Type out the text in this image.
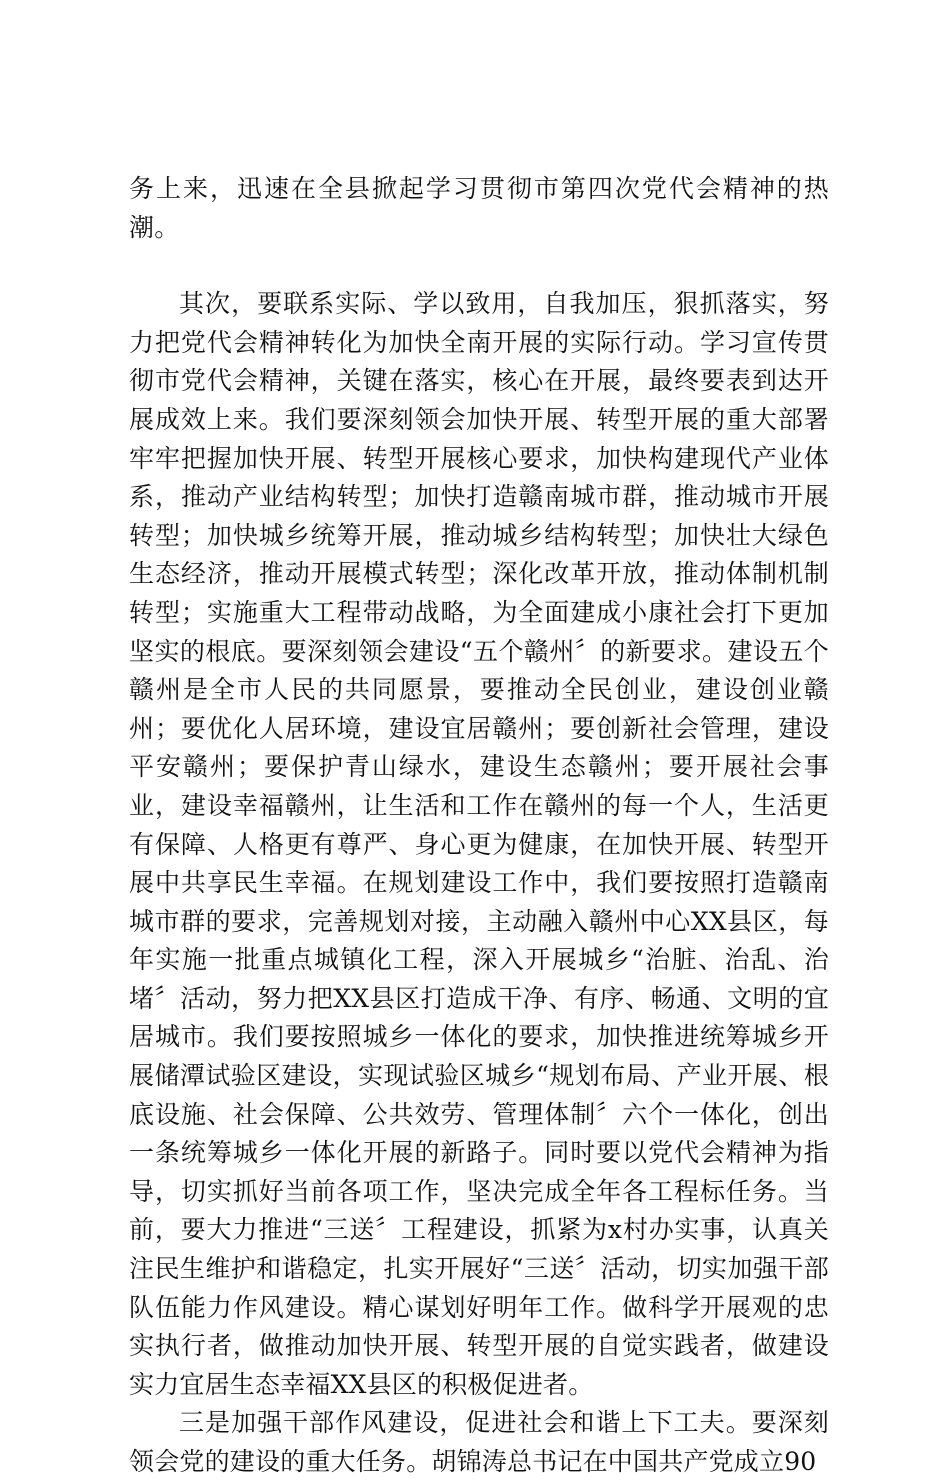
务上来，迅速在全县掀起学习贯彻市第四次党代会精神的热潮。

其次，要联系实际、学以致用，自我加压，狠抓落实，努力把党代会精神转化为加快全南开展的实际行动。学习宣传贯彻市党代会精神，关键在落实，核心在开展，最终要表到达开展成效上来。我们要深刻领会加快开展、转型开展的重大部署牢牢把握加快开展、转型开展核心要求，加快构建现代产业体系，推动产业结构转型；加快打造赣南城市群，推动城市开展转型；加快城乡统筹开展，推动城乡结构转型；加快壮大绿色生态经济，推动开展模式转型；深化改革开放，推动体制机制转型；实施重大工程带动战略，为全面建成小康社会打下更加坚实的根底。要深刻领会建设“五个赣州〞的新要求。建设五个赣州是全市人民的共同愿景，要推动全民创业，建设创业赣州；要优化人居环境，建设宜居赣州；要创新社会管理，建设平安赣州；要保护青山绿水，建设生态赣州；要开展社会事业，建设幸福赣州，让生活和工作在赣州的每一个人，生活更有保障、人格更有尊严、身心更为健康，在加快开展、转型开展中共享民生幸福。在规划建设工作中，我们要按照打造赣南城市群的要求，完善规划对接，主动融入赣州中心XX县区，每年实施一批重点城镇化工程，深入开展城乡“治脏、治乱、治堵〞活动，努力把XX县区打造成干净、有序、畅通、文明的宜居城市。我们要按照城乡一体化的要求，加快推进统筹城乡开展储潭试验区建设，实现试验区城乡“规划布局、产业开展、根底设施、社会保障、公共效劳、管理体制〞六个一体化，创出一条统筹城乡一体化开展的新路子。同时要以党代会精神为指导，切实抓好当前各项工作，坚决完成全年各工程标任务。当前，要大力推进“三送〞工程建设，抓紧为x村办实事，认真关注民生维护和谐稳定，扎实开展好“三送〞活动，切实加强干部队伍能力作风建设。精心谋划好明年工作。做科学开展观的忠实执行者，做推动加快开展、转型开展的自觉实践者，做建设实力宜居生态幸福XX县区的积极促进者。

三是加强干部作风建设，促进社会和谐上下工夫。要深刻领会党的建设的重大任务。胡锦涛总书记在中国共产党成立90
